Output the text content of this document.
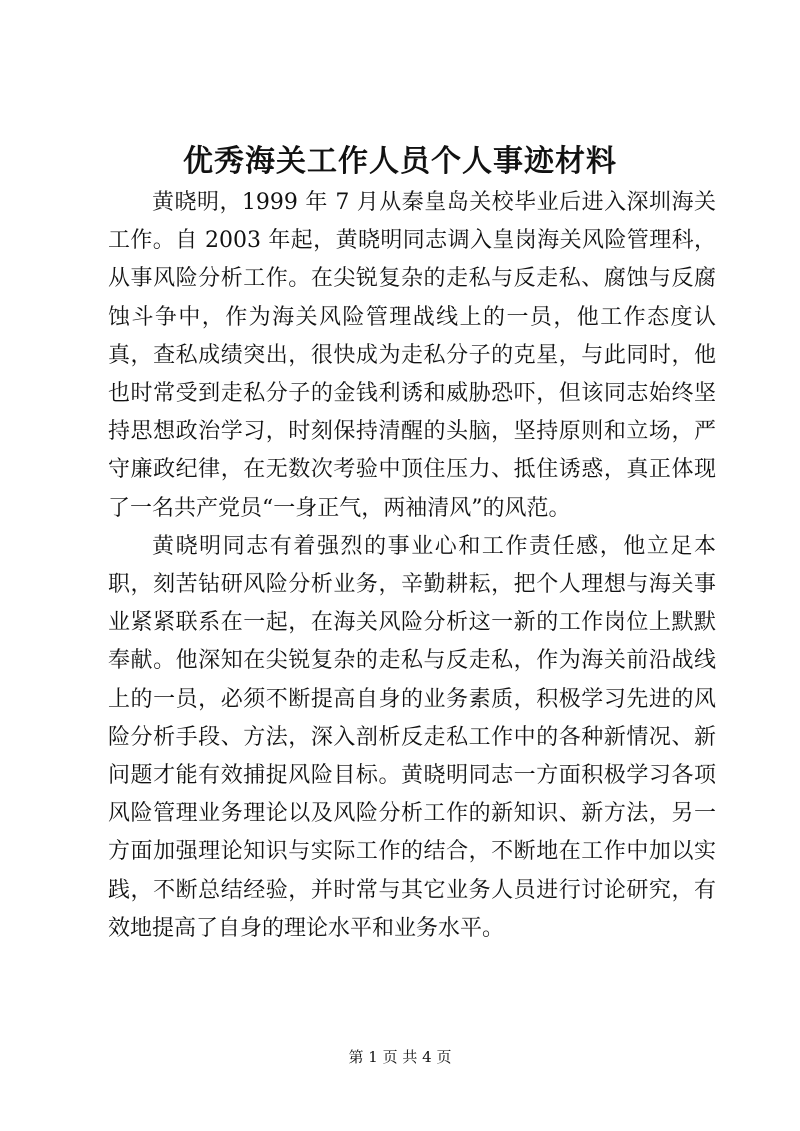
优秀海关工作人员个人事迹材料

黄晓明，1999 年 7 月从秦皇岛关校毕业后进入深圳海关工作。自 2003 年起，黄晓明同志调入皇岗海关风险管理科，从事风险分析工作。在尖锐复杂的走私与反走私、腐蚀与反腐蚀斗争中，作为海关风险管理战线上的一员，他工作态度认真，查私成绩突出，很快成为走私分子的克星，与此同时，他也时常受到走私分子的金钱利诱和威胁恐吓，但该同志始终坚持思想政治学习，时刻保持清醒的头脑，坚持原则和立场，严守廉政纪律，在无数次考验中顶住压力、抵住诱惑，真正体现了一名共产党员“一身正气，两袖清风”的风范。

黄晓明同志有着强烈的事业心和工作责任感，他立足本职，刻苦钻研风险分析业务，辛勤耕耘，把个人理想与海关事业紧紧联系在一起，在海关风险分析这一新的工作岗位上默默奉献。他深知在尖锐复杂的走私与反走私，作为海关前沿战线上的一员，必须不断提高自身的业务素质，积极学习先进的风险分析手段、方法，深入剖析反走私工作中的各种新情况、新问题才能有效捕捉风险目标。黄晓明同志一方面积极学习各项风险管理业务理论以及风险分析工作的新知识、新方法，另一方面加强理论知识与实际工作的结合，不断地在工作中加以实践，不断总结经验，并时常与其它业务人员进行讨论研究，有效地提高了自身的理论水平和业务水平。

第 1 页 共 4 页
